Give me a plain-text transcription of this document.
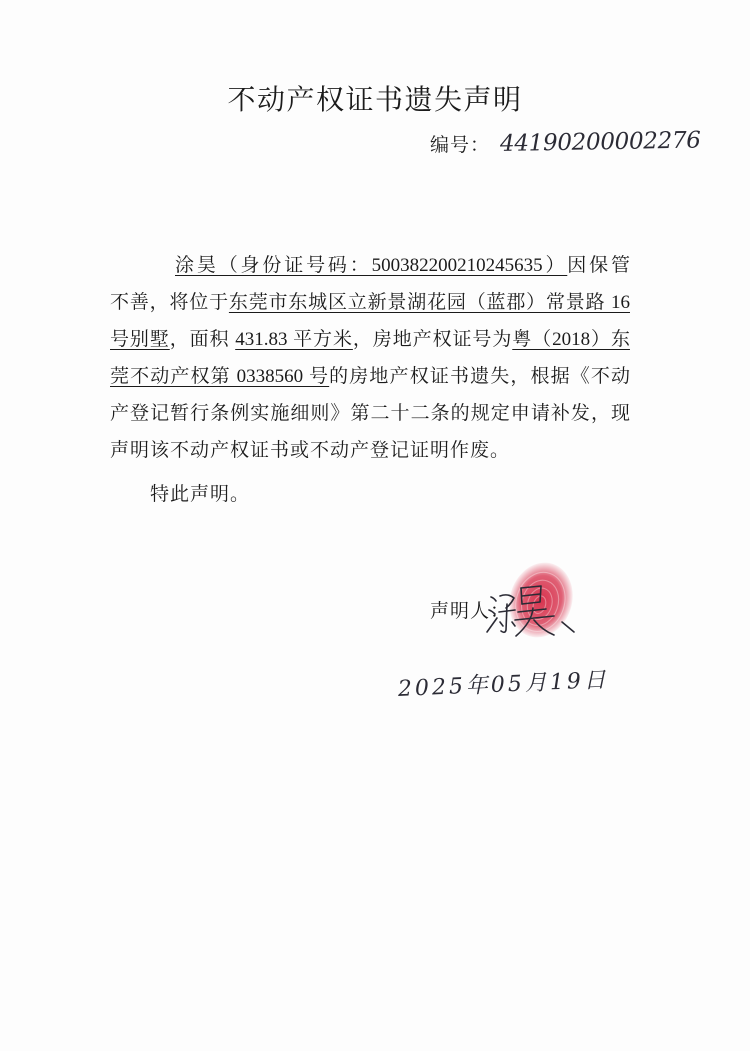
不动产权证书遗失声明
编号： 44190200002276
涂昊（身份证号码：500382200210245635）因保管
不善，将位于东莞市东城区立新景湖花园（蓝郡）常景路 16
号别墅，面积 431.83 平方米，房地产权证号为粤（2018）东
莞不动产权第 0338560 号的房地产权证书遗失，根据《不动
产登记暂行条例实施细则》第二十二条的规定申请补发，现
声明该不动产权证书或不动产登记证明作废。
特此声明。
声明人：
2025年05月19日
